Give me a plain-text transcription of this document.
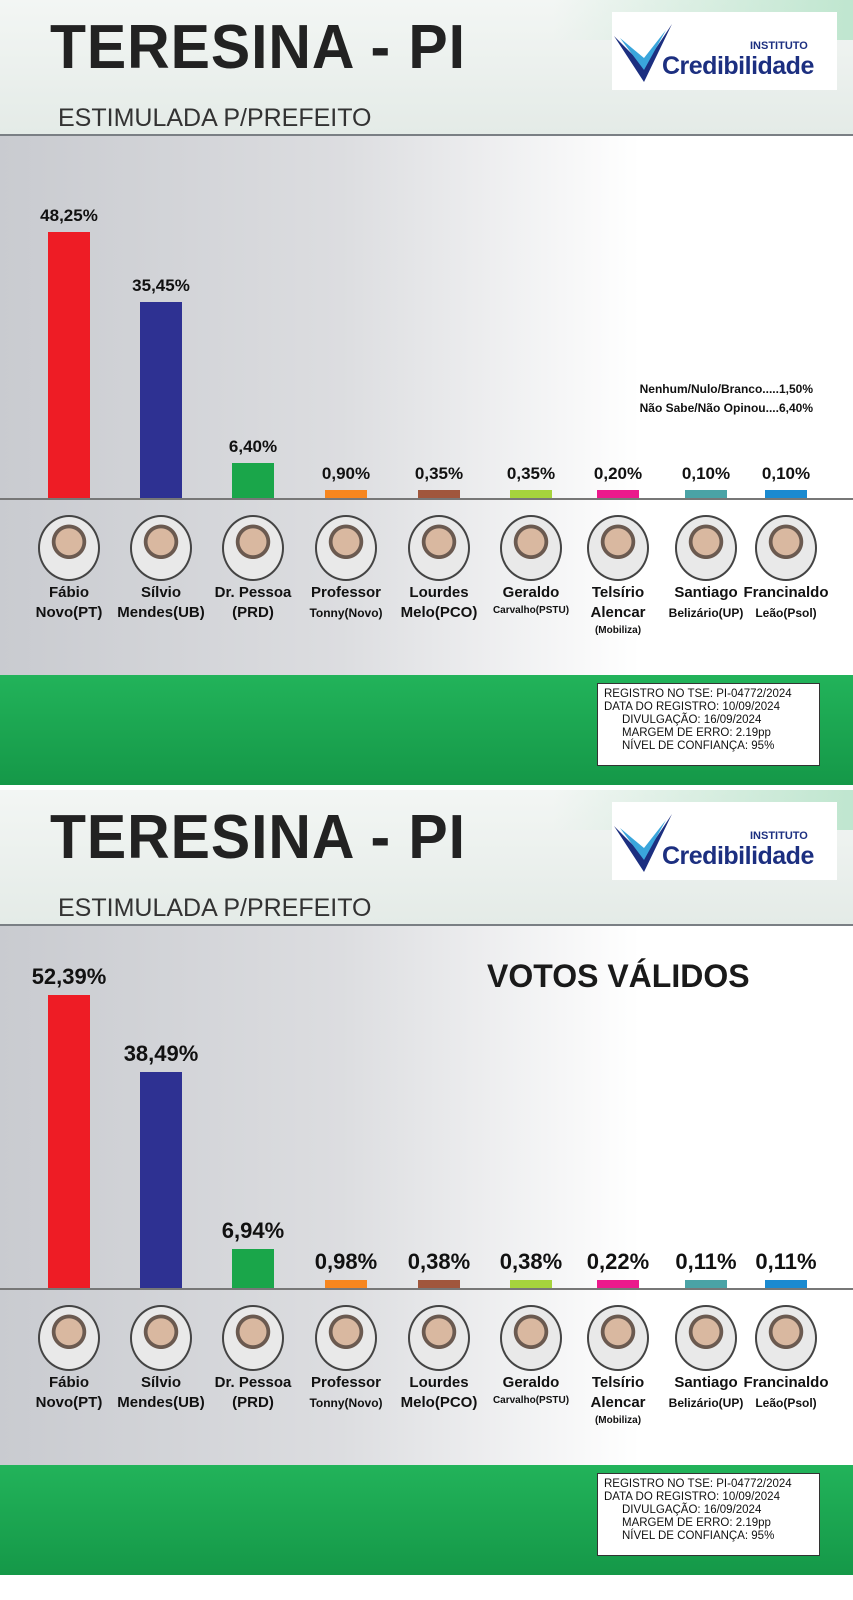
TERESINA - PI
ESTIMULADA P/PREFEITO
INSTITUTO
Credibilidade
48,25%
Fábio
Novo(PT)
35,45%
Sílvio
Mendes(UB)
6,40%
Dr. Pessoa
(PRD)
0,90%
Professor
Tonny(Novo)
0,35%
Lourdes
Melo(PCO)
0,35%
Geraldo
Carvalho(PSTU)
0,20%
Telsírio
Alencar
(Mobiliza)
0,10%
Santiago
Belizário(UP)
0,10%
Francinaldo
Leão(Psol)
Nenhum/Nulo/Branco.....1,50%
Não Sabe/Não Opinou....6,40%
REGISTRO NO TSE: PI-04772/2024
DATA DO REGISTRO: 10/09/2024
DIVULGAÇÃO: 16/09/2024
MARGEM DE ERRO: 2.19pp
NÍVEL DE CONFIANÇA: 95%
TERESINA - PI
ESTIMULADA P/PREFEITO
INSTITUTO
Credibilidade
VOTOS VÁLIDOS
52,39%
Fábio
Novo(PT)
38,49%
Sílvio
Mendes(UB)
6,94%
Dr. Pessoa
(PRD)
0,98%
Professor
Tonny(Novo)
0,38%
Lourdes
Melo(PCO)
0,38%
Geraldo
Carvalho(PSTU)
0,22%
Telsírio
Alencar
(Mobiliza)
0,11%
Santiago
Belizário(UP)
0,11%
Francinaldo
Leão(Psol)
REGISTRO NO TSE: PI-04772/2024
DATA DO REGISTRO: 10/09/2024
DIVULGAÇÃO: 16/09/2024
MARGEM DE ERRO: 2.19pp
NÍVEL DE CONFIANÇA: 95%
